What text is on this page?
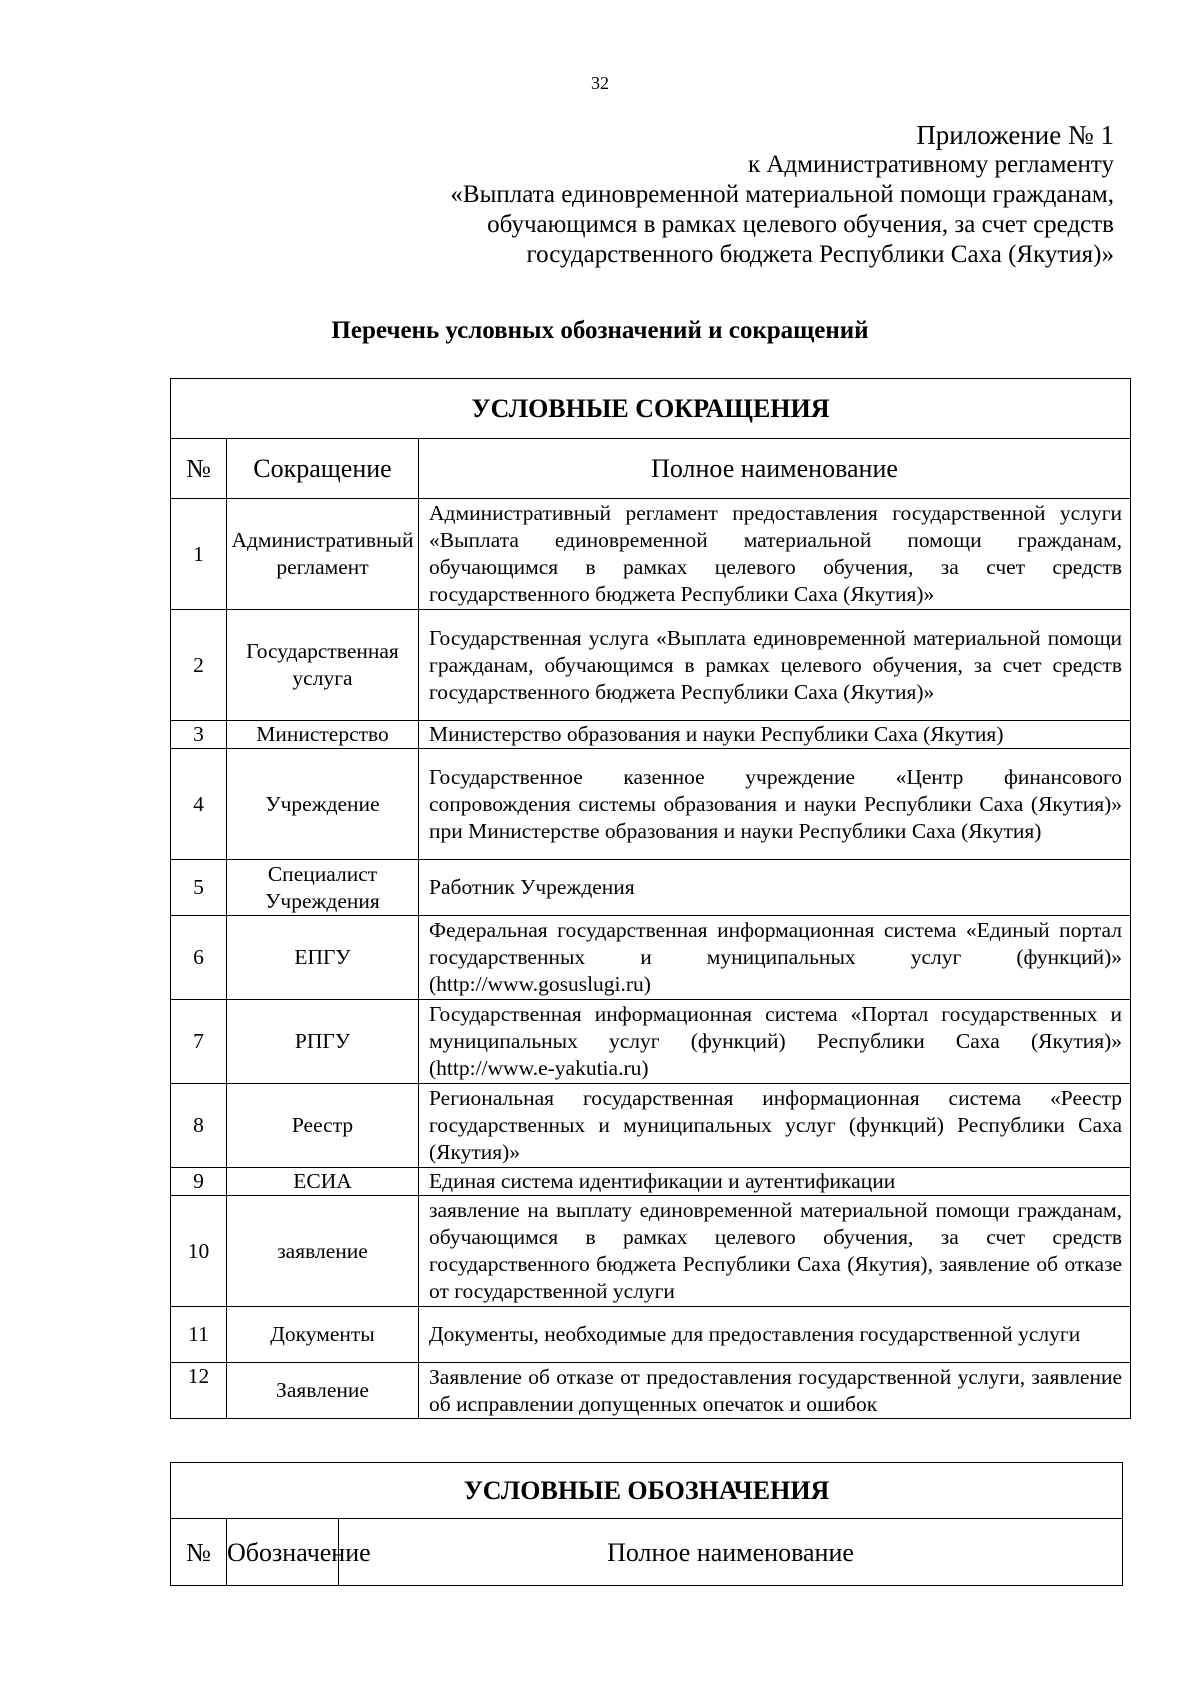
32
Приложение № 1
к Административному регламенту
«Выплата единовременной материальной помощи гражданам,
обучающимся в рамках целевого обучения, за счет средств
государственного бюджета Республики Саха (Якутия)»
Перечень условных обозначений и сокращений
УСЛОВНЫЕ СОКРАЩЕНИЯ		
№	Сокращение	Полное наименование
1	Административный регламент	Административный регламент предоставления государственной услуги «Выплата единовременной материальной помощи гражданам, обучающимся в рамках целевого обучения, за счет средств государственного бюджета Республики Саха (Якутия)»
2	Государственная услуга	Государственная услуга «Выплата единовременной материальной помощи гражданам, обучающимся в рамках целевого обучения, за счет средств государственного бюджета Республики Саха (Якутия)»
3	Министерство	Министерство образования и науки Республики Саха (Якутия)
4	Учреждение	Государственное казенное учреждение «Центр финансового сопровождения системы образования и науки Республики Саха (Якутия)» при Министерстве образования и науки Республики Саха (Якутия)
5	Специалист Учреждения	Работник Учреждения
6	ЕПГУ	Федеральная государственная информационная система «Единый портал государственных и муниципальных услуг (функций)» (http://www.gosuslugi.ru)
7	РПГУ	Государственная информационная система «Портал государственных и муниципальных услуг (функций) Республики Саха (Якутия)» (http://www.e-yakutia.ru)
8	Реестр	Региональная государственная информационная система «Реестр государственных и муниципальных услуг (функций) Республики Саха (Якутия)»
9	ЕСИА	Единая система идентификации и аутентификации
10	заявление	заявление на выплату единовременной материальной помощи гражданам, обучающимся в рамках целевого обучения, за счет средств государственного бюджета Республики Саха (Якутия), заявление об отказе от государственной услуги
11	Документы	Документы, необходимые для предоставления государственной услуги
12	Заявление	Заявление об отказе от предоставления государственной услуги, заявление об исправлении допущенных опечаток и ошибок
УСЛОВНЫЕ ОБОЗНАЧЕНИЯ
№	Обозначение	Полное наименование
